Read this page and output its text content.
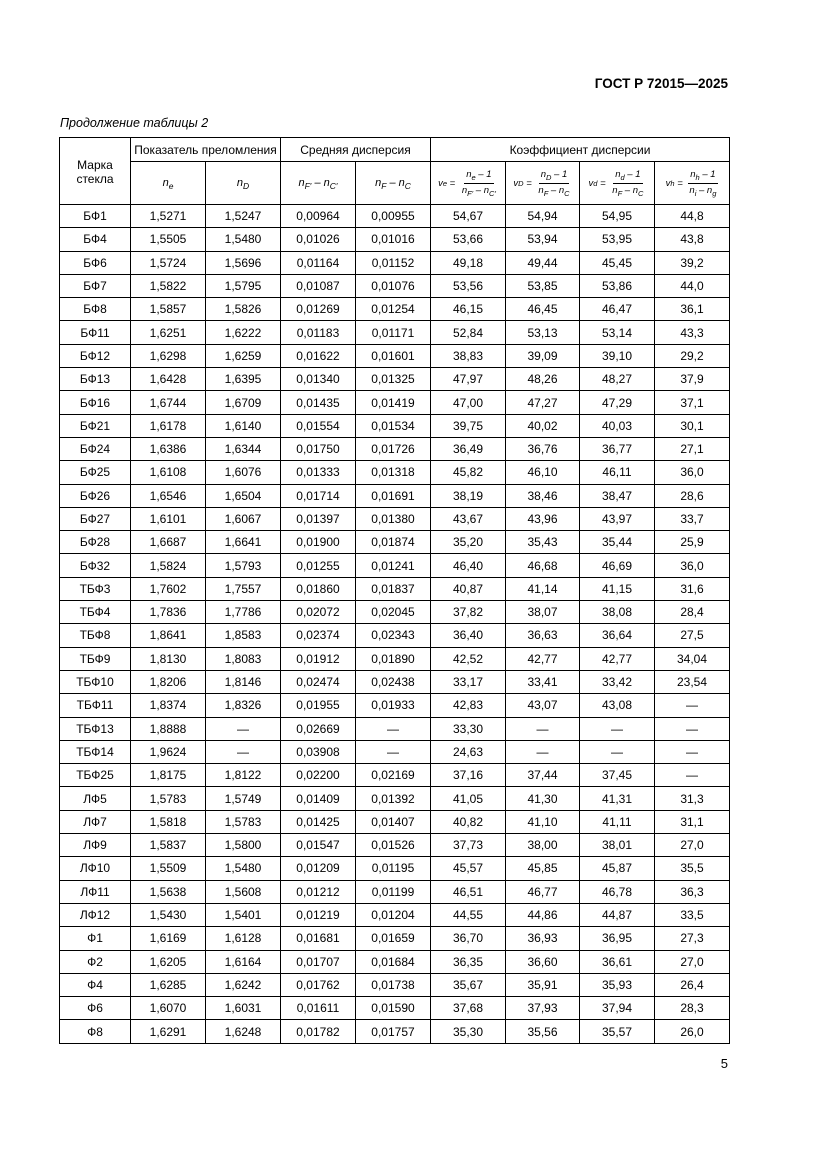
ГОСТ Р 72015—2025
Продолжение таблицы 2
Марка стекла	Показатель преломления		Средняя дисперсия		Коэффициент дисперсии			
	$n_e$	$n_D$	$n_{F'} - n_{C'}$	$n_F - n_C$	v $e = \frac{n_e - 1}{n_{F'} - n_{C'}}$	v $D = \frac{n_D - 1}{n_F - n_C}$	v $d = \frac{n_d - 1}{n_F - n_C}$	v $h = \frac{n_h - 1}{n_i - n_g}$

БФ1	1,5271	1,5247	0,00964	0,00955	54,67	54,94	54,95	44,8
БФ4	1,5505	1,5480	0,01026	0,01016	53,66	53,94	53,95	43,8
БФ6	1,5724	1,5696	0,01164	0,01152	49,18	49,44	45,45	39,2
БФ7	1,5822	1,5795	0,01087	0,01076	53,56	53,85	53,86	44,0
БФ8	1,5857	1,5826	0,01269	0,01254	46,15	46,45	46,47	36,1
БФ11	1,6251	1,6222	0,01183	0,01171	52,84	53,13	53,14	43,3
БФ12	1,6298	1,6259	0,01622	0,01601	38,83	39,09	39,10	29,2
БФ13	1,6428	1,6395	0,01340	0,01325	47,97	48,26	48,27	37,9
БФ16	1,6744	1,6709	0,01435	0,01419	47,00	47,27	47,29	37,1
БФ21	1,6178	1,6140	0,01554	0,01534	39,75	40,02	40,03	30,1
БФ24	1,6386	1,6344	0,01750	0,01726	36,49	36,76	36,77	27,1
БФ25	1,6108	1,6076	0,01333	0,01318	45,82	46,10	46,11	36,0
БФ26	1,6546	1,6504	0,01714	0,01691	38,19	38,46	38,47	28,6
БФ27	1,6101	1,6067	0,01397	0,01380	43,67	43,96	43,97	33,7
БФ28	1,6687	1,6641	0,01900	0,01874	35,20	35,43	35,44	25,9
БФ32	1,5824	1,5793	0,01255	0,01241	46,40	46,68	46,69	36,0
ТБФ3	1,7602	1,7557	0,01860	0,01837	40,87	41,14	41,15	31,6
ТБФ4	1,7836	1,7786	0,02072	0,02045	37,82	38,07	38,08	28,4
ТБФ8	1,8641	1,8583	0,02374	0,02343	36,40	36,63	36,64	27,5
ТБФ9	1,8130	1,8083	0,01912	0,01890	42,52	42,77	42,77	34,04
ТБФ10	1,8206	1,8146	0,02474	0,02438	33,17	33,41	33,42	23,54
ТБФ11	1,8374	1,8326	0,01955	0,01933	42,83	43,07	43,08	—
ТБФ13	1,8888	—	0,02669	—	33,30	—	—	—
ТБФ14	1,9624	—	0,03908	—	24,63	—	—	—
ТБФ25	1,8175	1,8122	0,02200	0,02169	37,16	37,44	37,45	—
ЛФ5	1,5783	1,5749	0,01409	0,01392	41,05	41,30	41,31	31,3
ЛФ7	1,5818	1,5783	0,01425	0,01407	40,82	41,10	41,11	31,1
ЛФ9	1,5837	1,5800	0,01547	0,01526	37,73	38,00	38,01	27,0
ЛФ10	1,5509	1,5480	0,01209	0,01195	45,57	45,85	45,87	35,5
ЛФ11	1,5638	1,5608	0,01212	0,01199	46,51	46,77	46,78	36,3
ЛФ12	1,5430	1,5401	0,01219	0,01204	44,55	44,86	44,87	33,5
Ф1	1,6169	1,6128	0,01681	0,01659	36,70	36,93	36,95	27,3
Ф2	1,6205	1,6164	0,01707	0,01684	36,35	36,60	36,61	27,0
Ф4	1,6285	1,6242	0,01762	0,01738	35,67	35,91	35,93	26,4
Ф6	1,6070	1,6031	0,01611	0,01590	37,68	37,93	37,94	28,3
Ф8	1,6291	1,6248	0,01782	0,01757	35,30	35,56	35,57	26,0
5
